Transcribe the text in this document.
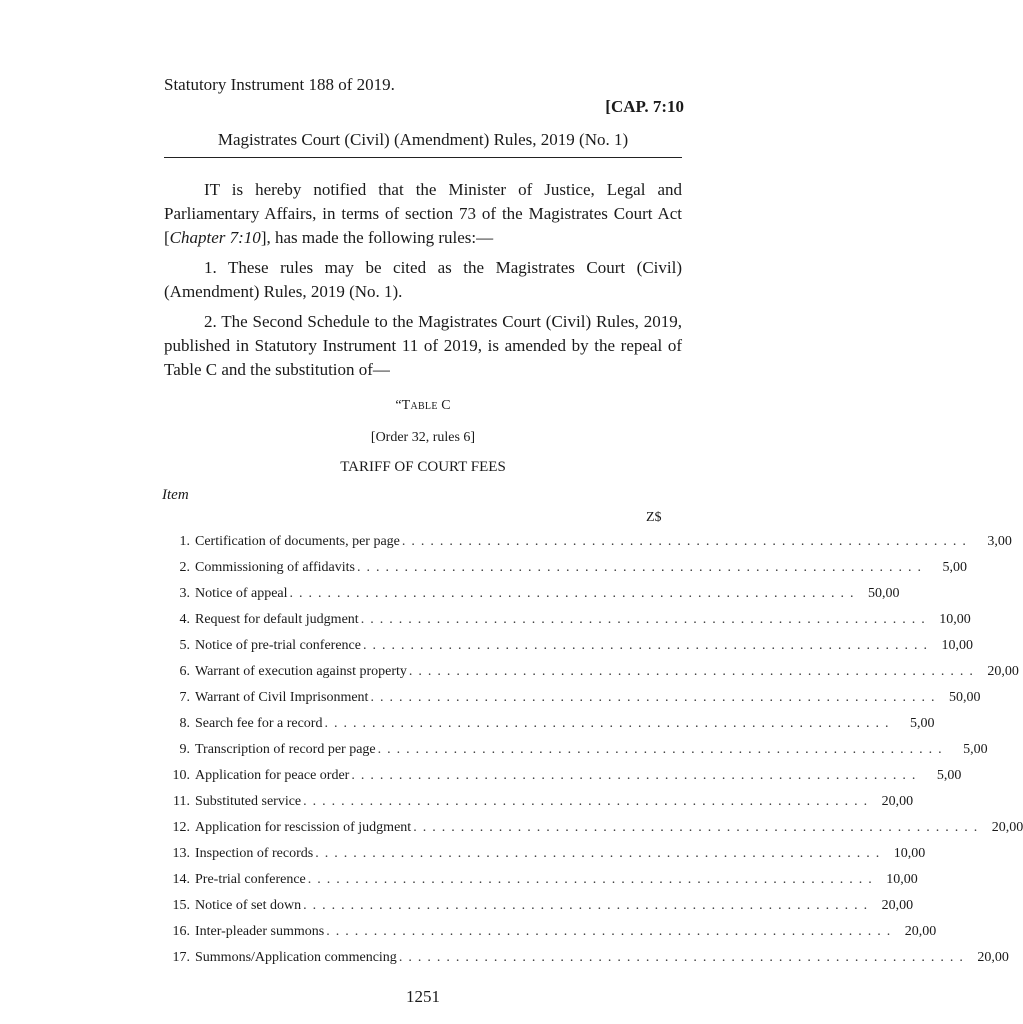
Statutory Instrument 188 of 2019.
[CAP. 7:10
Magistrates Court (Civil) (Amendment) Rules, 2019 (No. 1)

IT is hereby notified that the Minister of Justice, Legal and Parliamentary Affairs, in terms of section 73 of the Magistrates Court Act [Chapter 7:10], has made the following rules:—

1. These rules may be cited as the Magistrates Court (Civil) (Amendment) Rules, 2019 (No. 1).

2. The Second Schedule to the Magistrates Court (Civil) Rules, 2019, published in Statutory Instrument 11 of 2019, is amended by the repeal of Table C and the substitution of—

“Table C
[Order 32, rules 6]
TARIFF OF COURT FEES
Item
Z$
1. Certification of documents, per page ............................................................	3,00
2. Commissioning of affidavits ............................................................	5,00
3. Notice of appeal ............................................................ 50,00
4. Request for default judgment ............................................................ 10,00
5. Notice of pre-trial conference ............................................................ 10,00
6. Warrant of execution against property ............................................................ 20,00
7. Warrant of Civil Imprisonment ............................................................ 50,00
8. Search fee for a record ............................................................	5,00
9. Transcription of record per page ............................................................	5,00
10. Application for peace order ............................................................	5,00
11. Substituted service ............................................................ 20,00
12. Application for rescission of judgment ............................................................ 20,00
13. Inspection of records ............................................................ 10,00
14. Pre-trial conference ............................................................ 10,00
15. Notice of set down ............................................................ 20,00
16. Inter-pleader summons ............................................................ 20,00
17. Summons/Application commencing ............................................................ 20,00
1251
